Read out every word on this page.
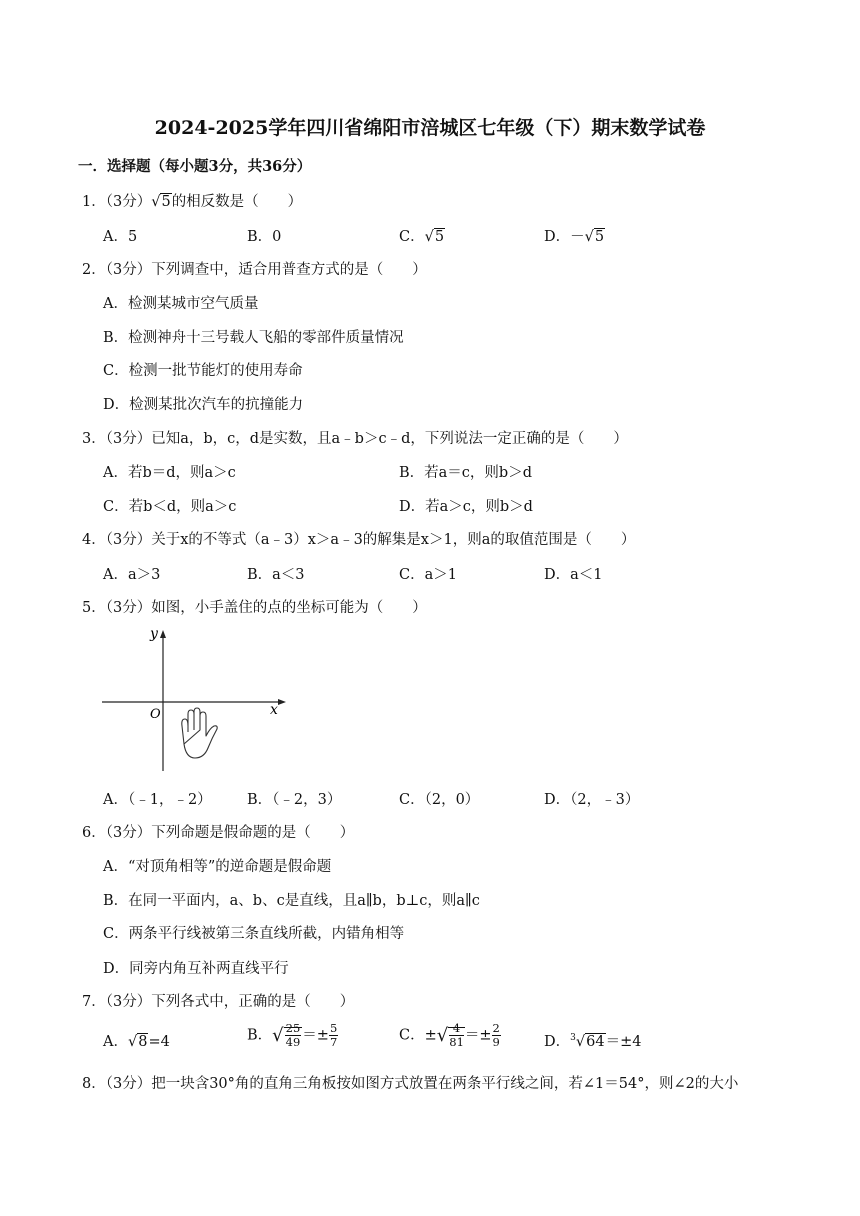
2024-2025学年四川省绵阳市涪城区七年级（下）期末数学试卷
一．选择题（每小题3分，共36分）
1．（3分）√5的相反数是（　　）
A．5	B．0	C．√5	D．－√5
2．（3分）下列调查中，适合用普查方式的是（　　）
A．检测某城市空气质量
B．检测神舟十三号载人飞船的零部件质量情况
C．检测一批节能灯的使用寿命
D．检测某批次汽车的抗撞能力
3．（3分）已知a，b，c，d是实数，且a﹣b＞c﹣d，下列说法一定正确的是（　　）
A．若b＝d，则a＞c	B．若a＝c，则b＞d
C．若b＜d，则a＞c	D．若a＞c，则b＞d
4．（3分）关于x的不等式（a﹣3）x＞a﹣3的解集是x＞1，则a的取值范围是（　　）
A．a＞3	B．a＜3	C．a＞1	D．a＜1
5．（3分）如图，小手盖住的点的坐标可能为（　　）
y
x
O
A．（﹣1，﹣2） B．（﹣2，3）	C．（2，0）	D．（2，﹣3）
6．（3分）下列命题是假命题的是（　　）
A．“对顶角相等”的逆命题是假命题
B．在同一平面内，a、b、c是直线，且a∥b，b⊥c，则a∥c
C．两条平行线被第三条直线所截，内错角相等
D．同旁内角互补两直线平行
7．（3分）下列各式中，正确的是（　　）
A．√8=4	B．√ $\frac{25}{49} =\pm \frac{5}{7}$	C．±√ $\frac{4}{81} =\pm \frac{2}{9}$	D．$^3$√64＝±4
8．（3分）把一块含30°角的直角三角板按如图方式放置在两条平行线之间，若∠1＝54°，则∠2的大小
